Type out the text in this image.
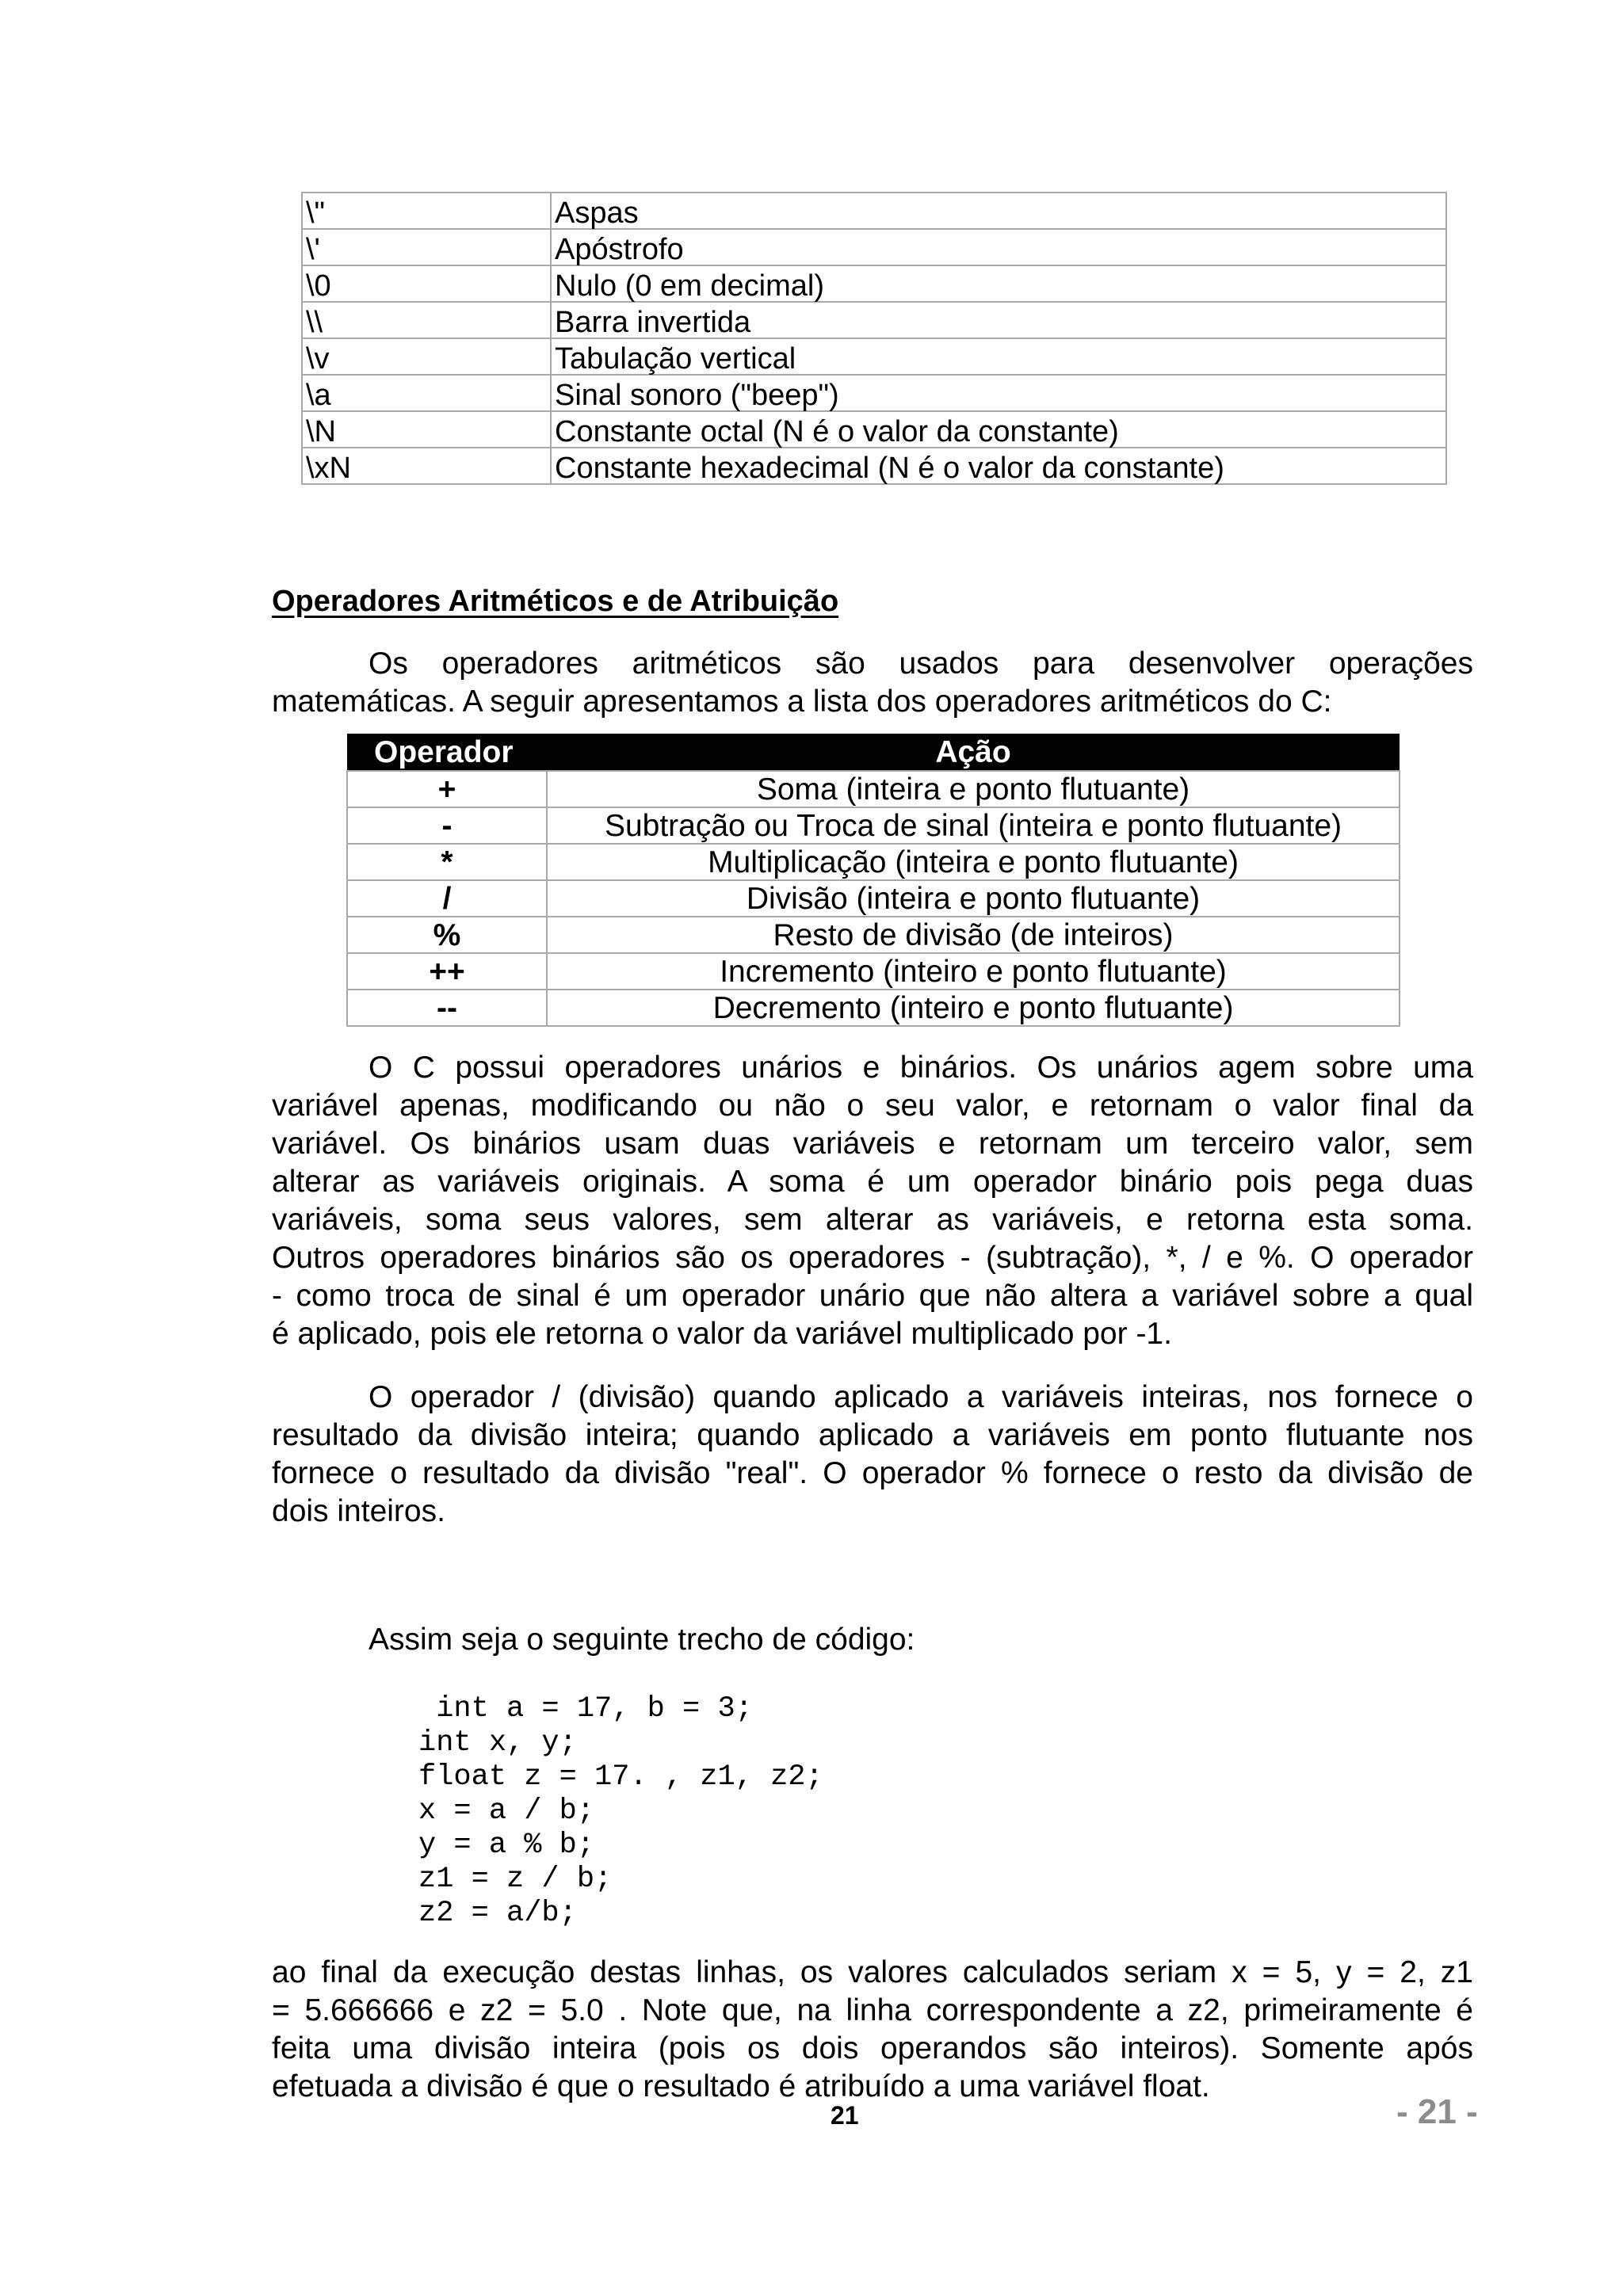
\"	Aspas
\'	Apóstrofo
\0	Nulo (0 em decimal)
\\	Barra invertida
\v	Tabulação vertical
\a	Sinal sonoro ("beep")
\N	Constante octal (N é o valor da constante)
\xN	Constante hexadecimal (N é o valor da constante)
Operadores Aritméticos e de Atribuição
Os operadores aritméticos são usados para desenvolver operações
matemáticas. A seguir apresentamos a lista dos operadores aritméticos do C:
Operador	Ação
+	Soma (inteira e ponto flutuante)
-	Subtração ou Troca de sinal (inteira e ponto flutuante)
*	Multiplicação (inteira e ponto flutuante)
/	Divisão (inteira e ponto flutuante)
%	Resto de divisão (de inteiros)
++	Incremento (inteiro e ponto flutuante)
--	Decremento (inteiro e ponto flutuante)
O C possui operadores unários e binários. Os unários agem sobre uma
variável apenas, modificando ou não o seu valor, e retornam o valor final da
variável. Os binários usam duas variáveis e retornam um terceiro valor, sem
alterar as variáveis originais. A soma é um operador binário pois pega duas
variáveis, soma seus valores, sem alterar as variáveis, e retorna esta soma.
Outros operadores binários são os operadores - (subtração), *, / e %. O operador
- como troca de sinal é um operador unário que não altera a variável sobre a qual
é aplicado, pois ele retorna o valor da variável multiplicado por -1.
O operador / (divisão) quando aplicado a variáveis inteiras, nos fornece o
resultado da divisão inteira; quando aplicado a variáveis em ponto flutuante nos
fornece o resultado da divisão "real". O operador % fornece o resto da divisão de
dois inteiros.
Assim seja o seguinte trecho de código:
int a = 17, b = 3;
int x, y;
float z = 17. , z1, z2;
x = a / b;
y = a % b;
z1 = z / b;
z2 = a/b;
ao final da execução destas linhas, os valores calculados seriam x = 5, y = 2, z1
= 5.666666 e z2 = 5.0 . Note que, na linha correspondente a z2, primeiramente é
feita uma divisão inteira (pois os dois operandos são inteiros). Somente após
efetuada a divisão é que o resultado é atribuído a uma variável float.
21	- 21 -
